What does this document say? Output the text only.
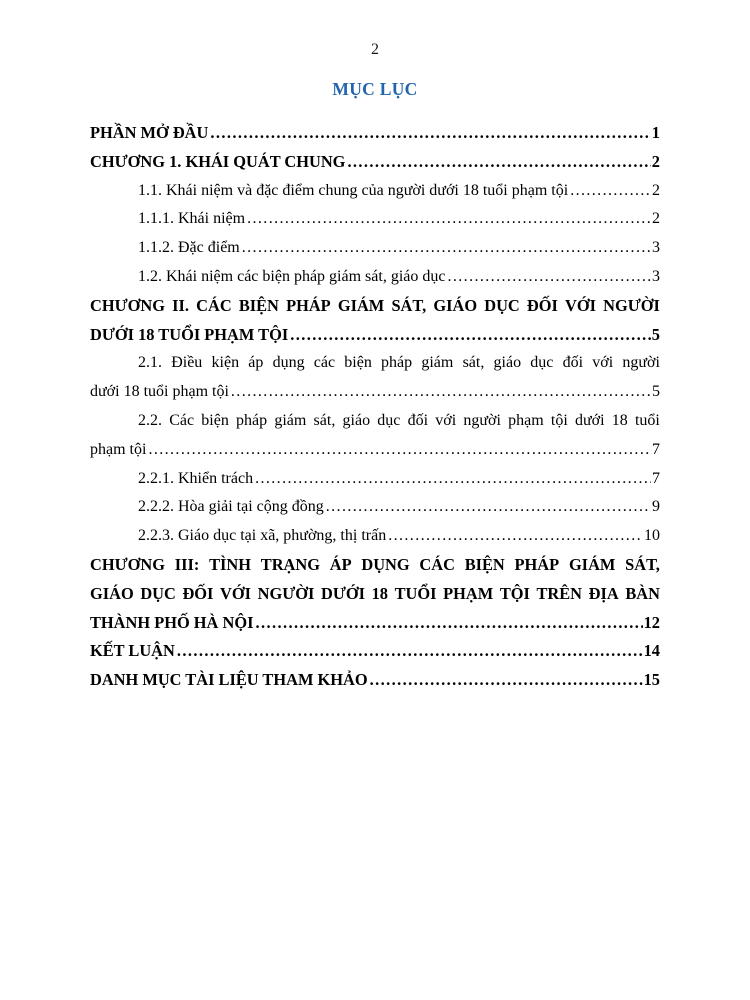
2
MỤC LỤC
PHẦN MỞ ĐẦU .....	1
CHƯƠNG 1. KHÁI QUÁT CHUNG .....	2
1.1. Khái niệm và đặc điểm chung của người dưới 18 tuổi phạm tội .....	2
1.1.1. Khái niệm .....	2
1.1.2. Đặc điểm .....	3
1.2. Khái niệm các biện pháp giám sát, giáo dục .....	3
CHƯƠNG II. CÁC BIỆN PHÁP GIÁM SÁT, GIÁO DỤC ĐỐI VỚI NGƯỜI
DƯỚI 18 TUỔI PHẠM TỘI .....	5
2.1. Điều kiện áp dụng các biện pháp giám sát, giáo dục đối với người
dưới 18 tuổi phạm tội .....	5
2.2. Các biện pháp giám sát, giáo dục đối với người phạm tội dưới 18 tuổi
phạm tội .....	7
2.2.1. Khiển trách .....	7
2.2.2. Hòa giải tại cộng đồng .....	9
2.2.3. Giáo dục tại xã, phường, thị trấn .....	10
CHƯƠNG III: TÌNH TRẠNG ÁP DỤNG CÁC BIỆN PHÁP GIÁM SÁT,
GIÁO DỤC ĐỐI VỚI NGƯỜI DƯỚI 18 TUỔI PHẠM TỘI TRÊN ĐỊA BÀN
THÀNH PHỐ HÀ NỘI .....	12
KẾT LUẬN .....	14
DANH MỤC TÀI LIỆU THAM KHẢO .....	15
